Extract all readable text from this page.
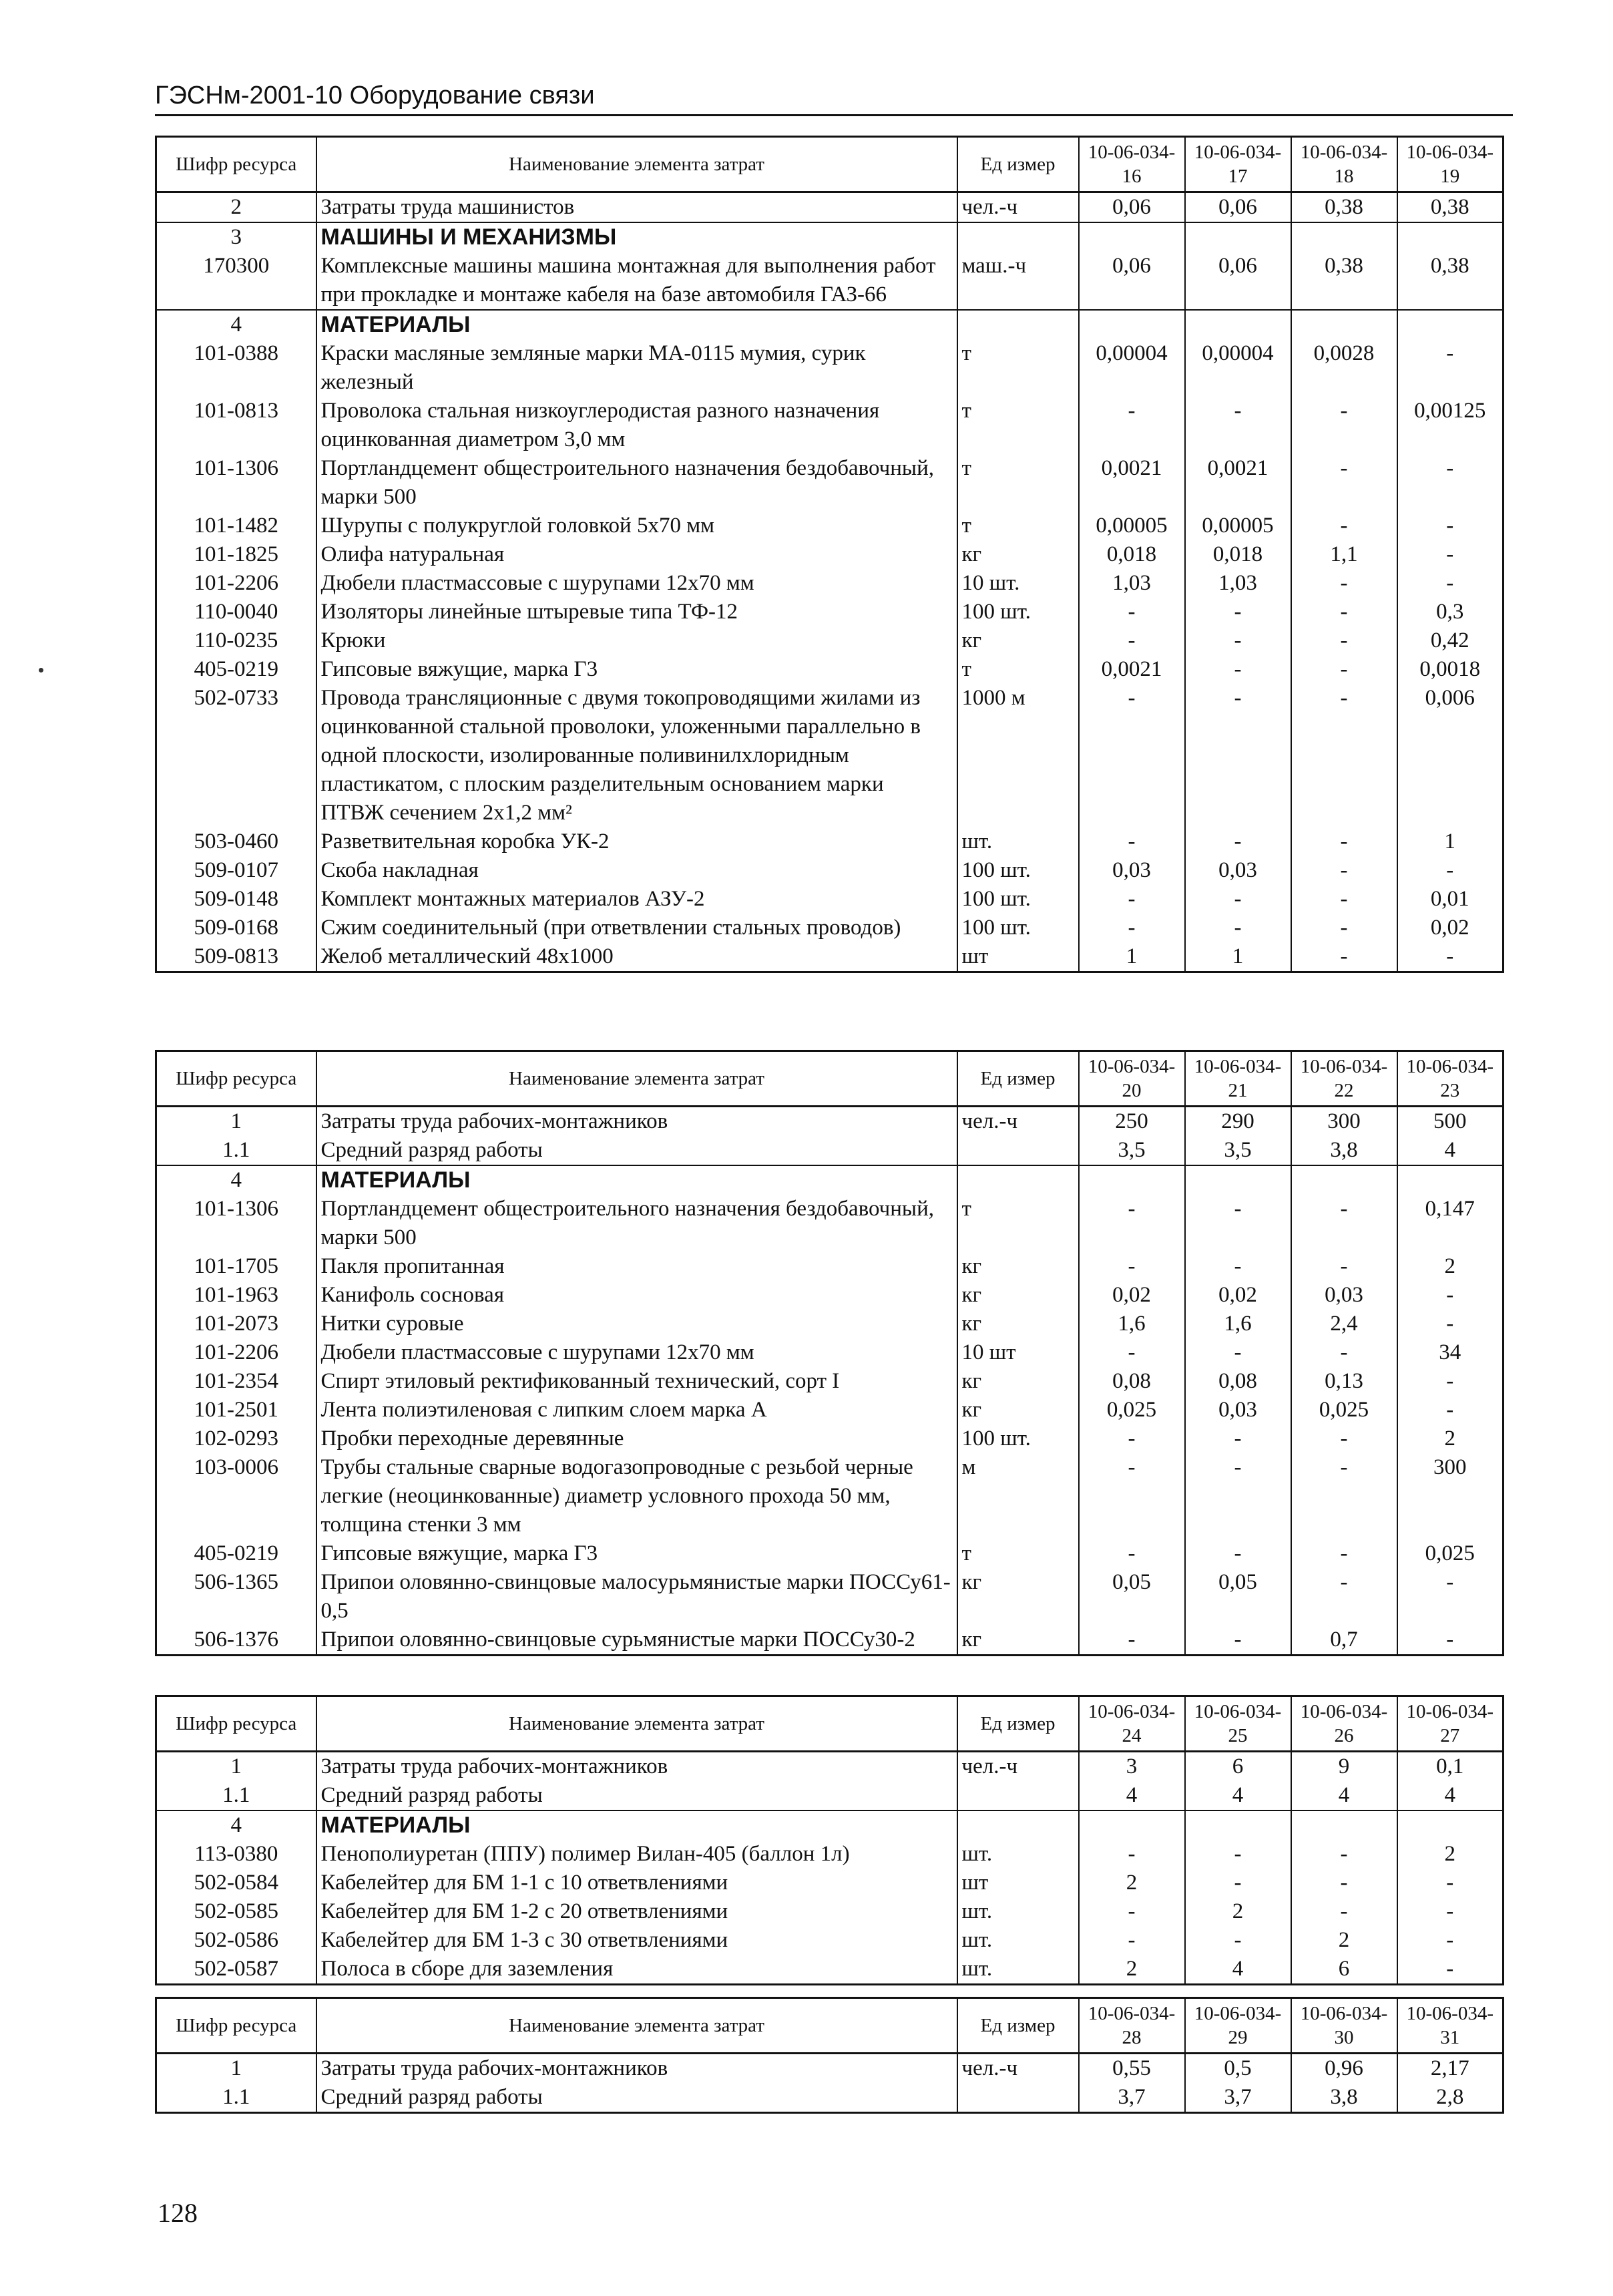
ГЭСНм-2001-10 Оборудование связи
Шифр ресурса	Наименование элемента затрат	Ед измер	10-06-034-16	10-06-034-17	10-06-034-18	10-06-034-19
2	Затраты труда машинистов	чел.-ч	0,06	0,06	0,38	0,38
3	МАШИНЫ И МЕХАНИЗМЫ					
170300	Комплексные машины машина монтажная для выполнения работ при прокладке и монтаже кабеля на базе автомобиля ГАЗ-66	маш.-ч	0,06	0,06	0,38	0,38
4	МАТЕРИАЛЫ					
101-0388	Краски масляные земляные марки МА-0115 мумия, сурик железный	т	0,00004	0,00004	0,0028	-
101-0813	Проволока стальная низкоуглеродистая разного назначения оцинкованная диаметром 3,0 мм	т	-	-	-	0,00125
101-1306	Портландцемент общестроительного назначения бездобавочный, марки 500	т	0,0021	0,0021	-	-
101-1482	Шурупы с полукруглой головкой 5х70 мм	т	0,00005	0,00005	-	-
101-1825	Олифа натуральная	кг	0,018	0,018	1,1	-
101-2206	Дюбели пластмассовые с шурупами 12х70 мм	10 шт.	1,03	1,03	-	-
110-0040	Изоляторы линейные штыревые типа ТФ-12	100 шт.	-	-	-	0,3
110-0235	Крюки	кг	-	-	-	0,42
405-0219	Гипсовые вяжущие, марка Г3	т	0,0021	-	-	0,0018
502-0733	Провода трансляционные с двумя токопроводящими жилами из оцинкованной стальной проволоки, уложенными параллельно в одной плоскости, изолированные поливинилхлоридным пластикатом, с плоским разделительным основанием марки ПТВЖ сечением 2х1,2 мм²	1000 м	-	-	-	0,006
503-0460	Разветвительная коробка УК-2	шт.	-	-	-	1
509-0107	Скоба накладная	100 шт.	0,03	0,03	-	-
509-0148	Комплект монтажных материалов АЗУ-2	100 шт.	-	-	-	0,01
509-0168	Сжим соединительный (при ответвлении стальных проводов)	100 шт.	-	-	-	0,02
509-0813	Желоб металлический 48х1000	шт	1	1	-	-
Шифр ресурса	Наименование элемента затрат	Ед измер	10-06-034-20	10-06-034-21	10-06-034-22	10-06-034-23
1	Затраты труда рабочих-монтажников	чел.-ч	250	290	300	500
1.1	Средний разряд работы		3,5	3,5	3,8	4
4	МАТЕРИАЛЫ					
101-1306	Портландцемент общестроительного назначения бездобавочный, марки 500	т	-	-	-	0,147
101-1705	Пакля пропитанная	кг	-	-	-	2
101-1963	Канифоль сосновая	кг	0,02	0,02	0,03	-
101-2073	Нитки суровые	кг	1,6	1,6	2,4	-
101-2206	Дюбели пластмассовые с шурупами 12х70 мм	10 шт	-	-	-	34
101-2354	Спирт этиловый ректификованный технический, сорт I	кг	0,08	0,08	0,13	-
101-2501	Лента полиэтиленовая с липким слоем марка А	кг	0,025	0,03	0,025	-
102-0293	Пробки переходные деревянные	100 шт.	-	-	-	2
103-0006	Трубы стальные сварные водогазопроводные с резьбой черные легкие (неоцинкованные) диаметр условного прохода 50 мм, толщина стенки 3 мм	м	-	-	-	300
405-0219	Гипсовые вяжущие, марка Г3	т	-	-	-	0,025
506-1365	Припои оловянно-свинцовые малосурьмянистые марки ПОССу61-0,5	кг	0,05	0,05	-	-
506-1376	Припои оловянно-свинцовые сурьмянистые марки ПОССу30-2	кг	-	-	0,7	-
Шифр ресурса	Наименование элемента затрат	Ед измер	10-06-034-24	10-06-034-25	10-06-034-26	10-06-034-27
1	Затраты труда рабочих-монтажников	чел.-ч	3	6	9	0,1
1.1	Средний разряд работы		4	4	4	4
4	МАТЕРИАЛЫ					
113-0380	Пенополиуретан (ППУ) полимер Вилан-405 (баллон 1л)	шт.	-	-	-	2
502-0584	Кабелейтер для БМ 1-1 с 10 ответвлениями	шт	2	-	-	-
502-0585	Кабелейтер для БМ 1-2 с 20 ответвлениями	шт.	-	2	-	-
502-0586	Кабелейтер для БМ 1-3 с 30 ответвлениями	шт.	-	-	2	-
502-0587	Полоса в сборе для заземления	шт.	2	4	6	-
Шифр ресурса	Наименование элемента затрат	Ед измер	10-06-034-28	10-06-034-29	10-06-034-30	10-06-034-31
1	Затраты труда рабочих-монтажников	чел.-ч	0,55	0,5	0,96	2,17
1.1	Средний разряд работы		3,7	3,7	3,8	2,8
128
